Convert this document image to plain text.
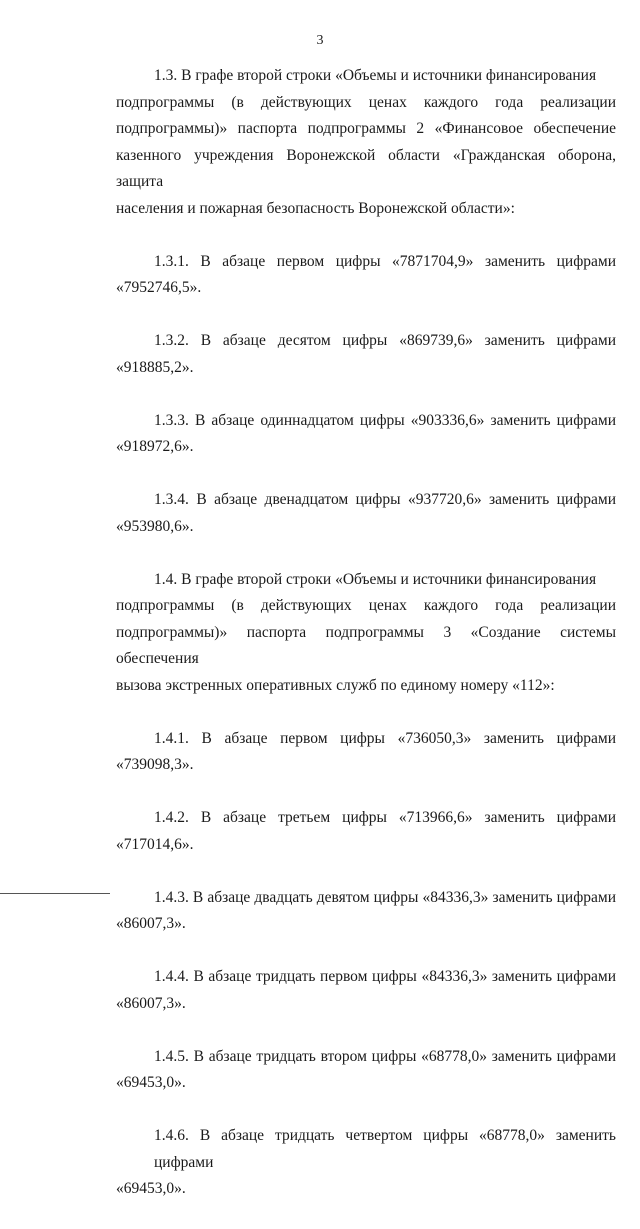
3
1.3. В графе второй строки «Объемы и источники финансирования
подпрограммы (в действующих ценах каждого года реализации
подпрограммы)» паспорта подпрограммы 2 «Финансовое обеспечение
казенного учреждения Воронежской области «Гражданская оборона, защита
населения и пожарная безопасность Воронежской области»:
1.3.1. В абзаце первом цифры «7871704,9» заменить цифрами
«7952746,5».
1.3.2. В абзаце десятом цифры «869739,6» заменить цифрами
«918885,2».
1.3.3. В абзаце одиннадцатом цифры «903336,6» заменить цифрами
«918972,6».
1.3.4. В абзаце двенадцатом цифры «937720,6» заменить цифрами
«953980,6».
1.4. В графе второй строки «Объемы и источники финансирования
подпрограммы (в действующих ценах каждого года реализации
подпрограммы)» паспорта подпрограммы 3 «Создание системы обеспечения
вызова экстренных оперативных служб по единому номеру «112»:
1.4.1. В абзаце первом цифры «736050,3» заменить цифрами
«739098,3».
1.4.2. В абзаце третьем цифры «713966,6» заменить цифрами
«717014,6».
1.4.3. В абзаце двадцать девятом цифры «84336,3» заменить цифрами
«86007,3».
1.4.4. В абзаце тридцать первом цифры «84336,3» заменить цифрами
«86007,3».
1.4.5. В абзаце тридцать втором цифры «68778,0» заменить цифрами
«69453,0».
1.4.6. В абзаце тридцать четвертом цифры «68778,0» заменить цифрами
«69453,0».
